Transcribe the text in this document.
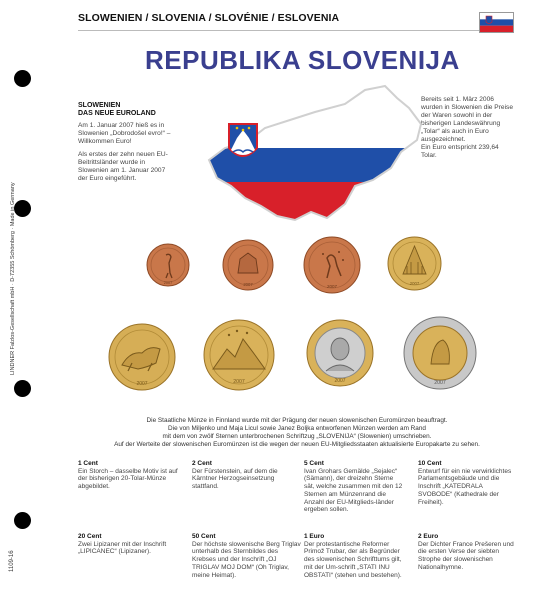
LINDNER Falzlos-Gesellschaft mbH · D-72355 Schömberg · Made in Germany
1109-16
SLOWENIEN / SLOVENIA / SLOVÉNIE / ESLOVENIA
REPUBLIKA SLOVENIJA
SLOWENIEN
DAS NEUE EUROLAND

Am 1. Januar 2007 hieß es in Slowenien „Dobrodošel evro!“ – Willkommen Euro!

Als erstes der zehn neuen EU-Beitrittsländer wurde in Slowenien am 1. Januar 2007 der Euro eingeführt.

Bereits seit 1. März 2006 wurden in Slowenien die Preise der Waren sowohl in der bisherigen Landeswährung „Tolar“ als auch in Euro ausgezeichnet.
Ein Euro entspricht 239,64 Tolar.
2007	2007	2007
2007
2007	2007	2007	2007
Die Staatliche Münze in Finnland wurde mit der Prägung der neuen slowenischen Euromünzen beauftragt.
Die von Miljenko und Maja Licul sowie Janez Boljka entworfenen Münzen werden am Rand
mit dem von zwölf Sternen unterbrochenen Schriftzug „SLOVENIJA“ (Slowenien) umschrieben.
Auf der Werteite der slowenischen Euromünzen ist die wegen der neuen EU-Mitgliedsstaaten aktualisierte Europakarte zu sehen.
1 Cent
Ein Storch – dasselbe Motiv ist auf der bisherigen 20-Tolar-Münze abgebildet.
2 Cent
Der Fürstenstein, auf dem die Kärntner Herzogseinsetzung stattfand.
5 Cent
Ivan Grohars Gemälde „Sejalec“ (Sämann), der dreizehn Sterne sät, welche zusammen mit den 12 Sternen am Münzenrand die Anzahl der EU-Mitglieds-länder ergeben sollen.
10 Cent
Entwurf für ein nie verwirklichtes Parlamentsgebäude und die Inschrift „KATEDRALA SVOBODE“ (Kathedrale der Freiheit).
20 Cent
Zwei Lipizaner mit der Inschrift „LIPICANEC“ (Lipizaner).
50 Cent
Der höchste slowenische Berg Triglav unterhalb des Sternbildes des Krebses und der Inschrift „OJ TRIGLAV MOJ DOM“ (Oh Triglav, meine Heimat).
1 Euro
Der protestantische Reformer Primož Trubar, der als Begründer des slowenischen Schrifttums gilt, mit der Um-schrift „STATI INU OBSTATI“ (stehen und bestehen).
2 Euro
Der Dichter France Prešeren und die ersten Verse der siebten Strophe der slowenischen Nationalhymne.
